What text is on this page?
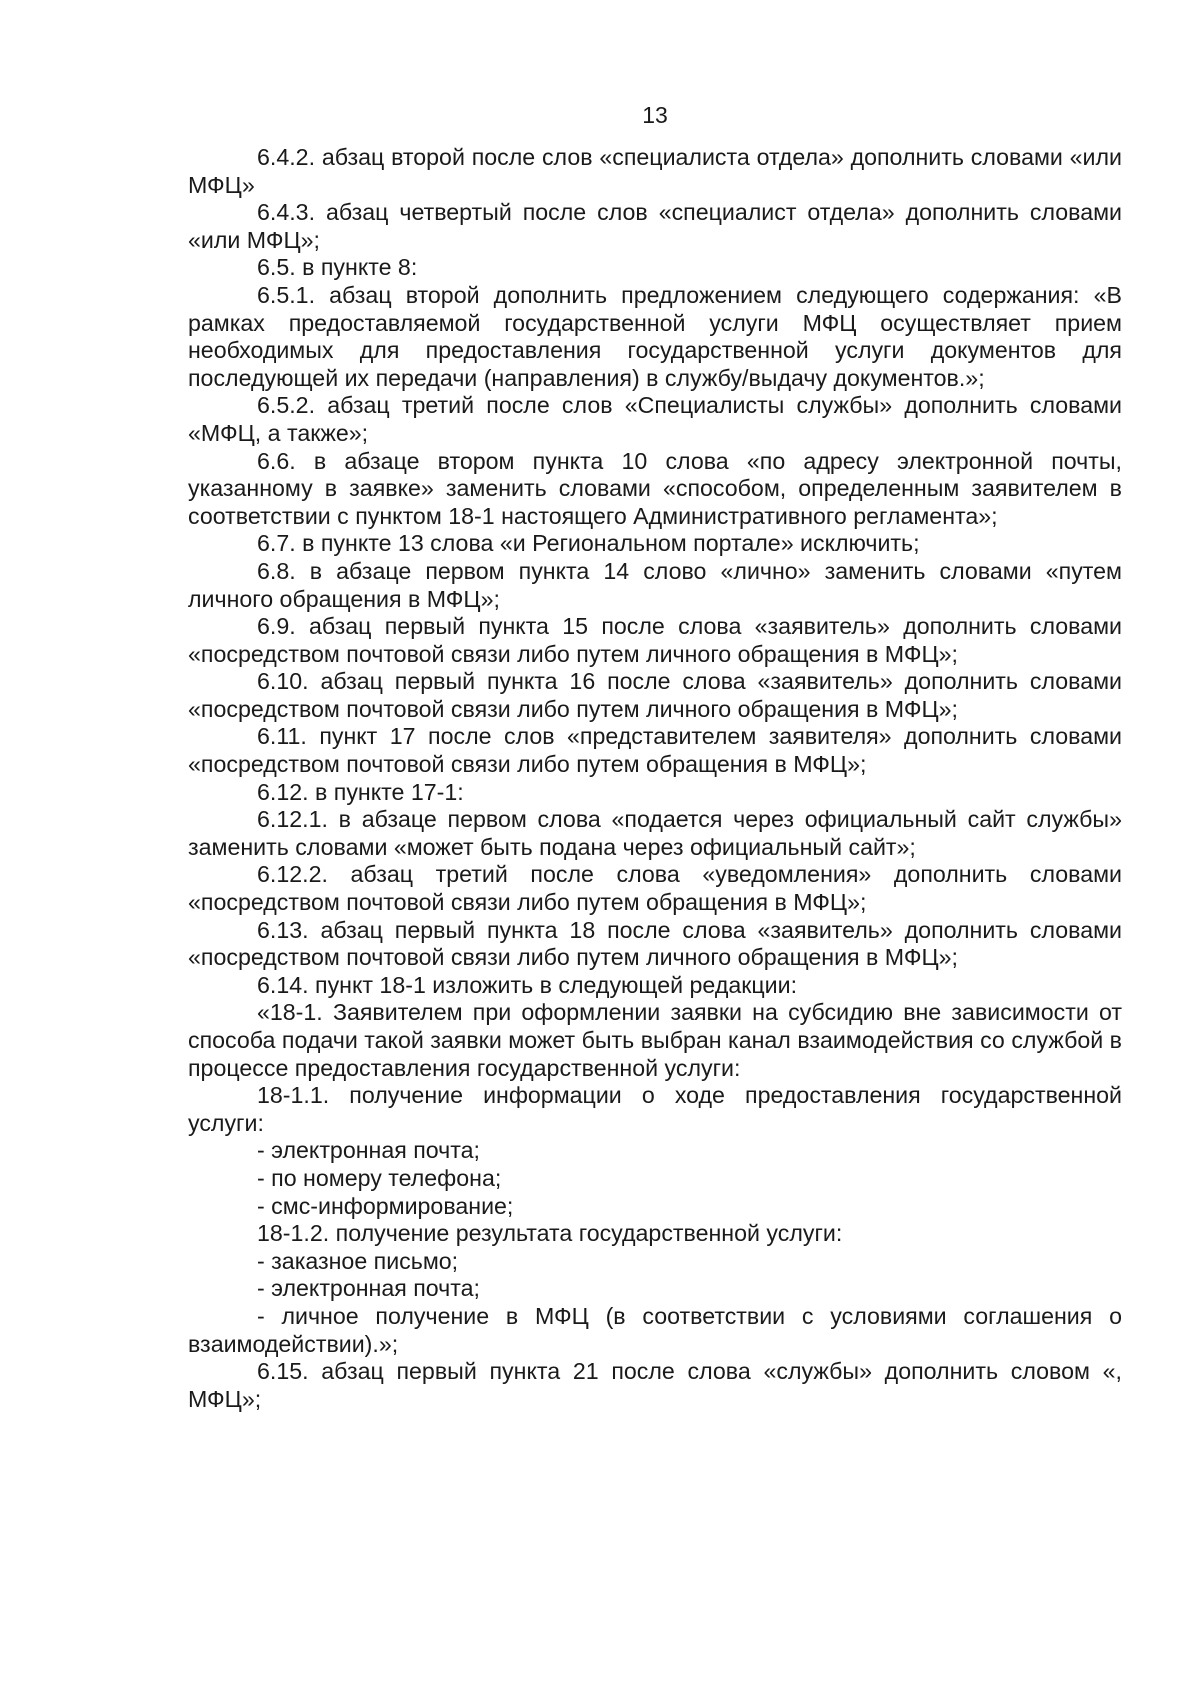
13

6.4.2. абзац второй после слов «специалиста отдела» дополнить словами «или МФЦ»

6.4.3. абзац четвертый после слов «специалист отдела» дополнить словами «или МФЦ»;

6.5. в пункте 8:

6.5.1. абзац второй дополнить предложением следующего содержания: «В рамках предоставляемой государственной услуги МФЦ осуществляет прием необходимых для предоставления государственной услуги документов для последующей их передачи (направления) в службу/выдачу документов.»;

6.5.2. абзац третий после слов «Специалисты службы» дополнить словами «МФЦ, а также»;

6.6. в абзаце втором пункта 10 слова «по адресу электронной почты, указанному в заявке» заменить словами «способом, определенным заявителем в соответствии с пунктом 18-1 настоящего Административного регламента»;

6.7. в пункте 13 слова «и Региональном портале» исключить;

6.8. в абзаце первом пункта 14 слово «лично» заменить словами «путем личного обращения в МФЦ»;

6.9. абзац первый пункта 15 после слова «заявитель» дополнить словами «посредством почтовой связи либо путем личного обращения в МФЦ»;

6.10. абзац первый пункта 16 после слова «заявитель» дополнить словами «посредством почтовой связи либо путем личного обращения в МФЦ»;

6.11. пункт 17 после слов «представителем заявителя» дополнить словами «посредством почтовой связи либо путем обращения в МФЦ»;

6.12. в пункте 17-1:

6.12.1. в абзаце первом слова «подается через официальный сайт службы» заменить словами «может быть подана через официальный сайт»;

6.12.2. абзац третий после слова «уведомления» дополнить словами «посредством почтовой связи либо путем обращения в МФЦ»;

6.13. абзац первый пункта 18 после слова «заявитель» дополнить словами «посредством почтовой связи либо путем личного обращения в МФЦ»;

6.14. пункт 18-1 изложить в следующей редакции:

«18-1. Заявителем при оформлении заявки на субсидию вне зависимости от способа подачи такой заявки может быть выбран канал взаимодействия со службой в процессе предоставления государственной услуги:

18-1.1. получение информации о ходе предоставления государственной услуги:

- электронная почта;

- по номеру телефона;

- смс-информирование;

18-1.2. получение результата государственной услуги:

- заказное письмо;

- электронная почта;

- личное получение в МФЦ (в соответствии с условиями соглашения о взаимодействии).»;

6.15. абзац первый пункта 21 после слова «службы» дополнить словом «, МФЦ»;
